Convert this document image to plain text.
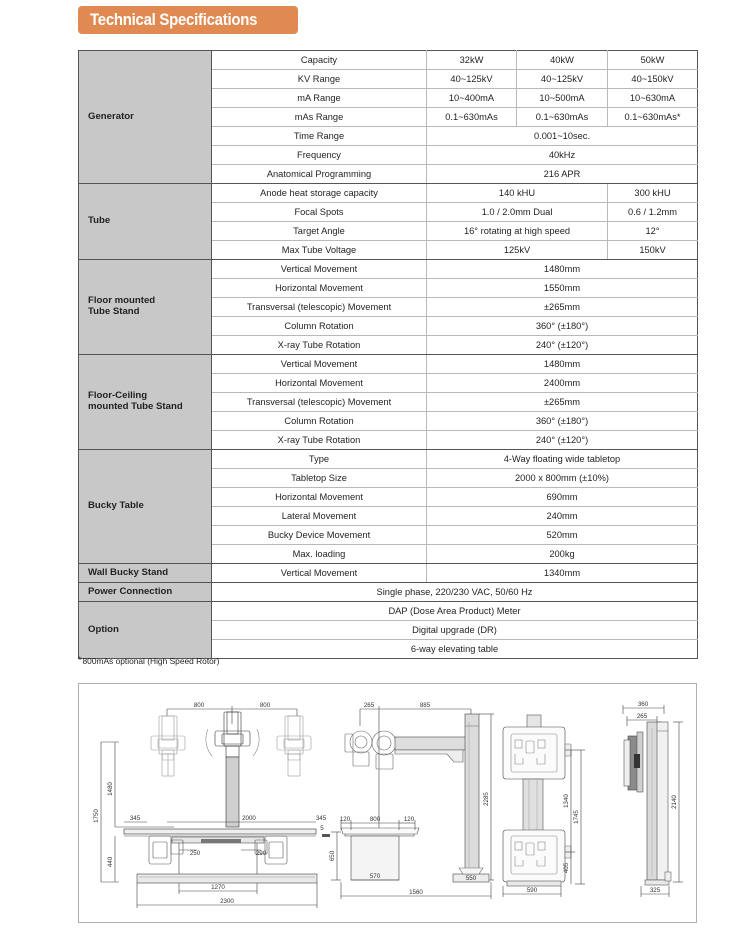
Technical Specifications
Generator	Capacity	32kW	40kW	50kW
	KV Range	40~125kV	40~125kV	40~150kV
	mA Range	10~400mA	10~500mA	10~630mA
	mAs Range	0.1~630mAs	0.1~630mAs	0.1~630mAs*
	Time Range	0.001~10sec.		
	Frequency	40kHz		
	Anatomical Programming	216 APR		

Tube	Anode heat storage capacity	140 kHU		300 kHU
	Focal Spots	1.0 / 2.0mm Dual		0.6 / 1.2mm
	Target Angle	16° rotating at high speed		12°
	Max Tube Voltage	125kV		150kV

Floor mounted
Tube Stand	Vertical Movement	1480mm		
	Horizontal Movement	1550mm		
	Transversal (telescopic) Movement	±265mm		
	Column Rotation	360° (±180°)		
	X-ray Tube Rotation	240° (±120°)		

Floor-Ceiling
mounted Tube Stand	Vertical Movement	1480mm		
	Horizontal Movement	2400mm		
	Transversal (telescopic) Movement	±265mm		
	Column Rotation	360° (±180°)		
	X-ray Tube Rotation	240° (±120°)		

Bucky Table	Type	4-Way floating wide tabletop		
	Tabletop Size	2000 x 800mm (±10%)		
	Horizontal Movement	690mm		
	Lateral Movement	240mm		
	Bucky Device Movement	520mm		
	Max. loading	200kg		

Wall Bucky Stand	Vertical Movement	1340mm		

Power Connection	Single phase, 220/230 VAC, 50/60 Hz			

Option	DAP (Dose Area Product) Meter			
	Digital upgrade (DR)			
	6-way elevating table			
*800mAs optional (High Speed Rotor)
800	800
1750
1480
440
345	2000	345
250	290
1270
2300
265	885
2285
120	800	120
650
570	550
1560
5
1340
1745
405
590
360
265
2140
325
